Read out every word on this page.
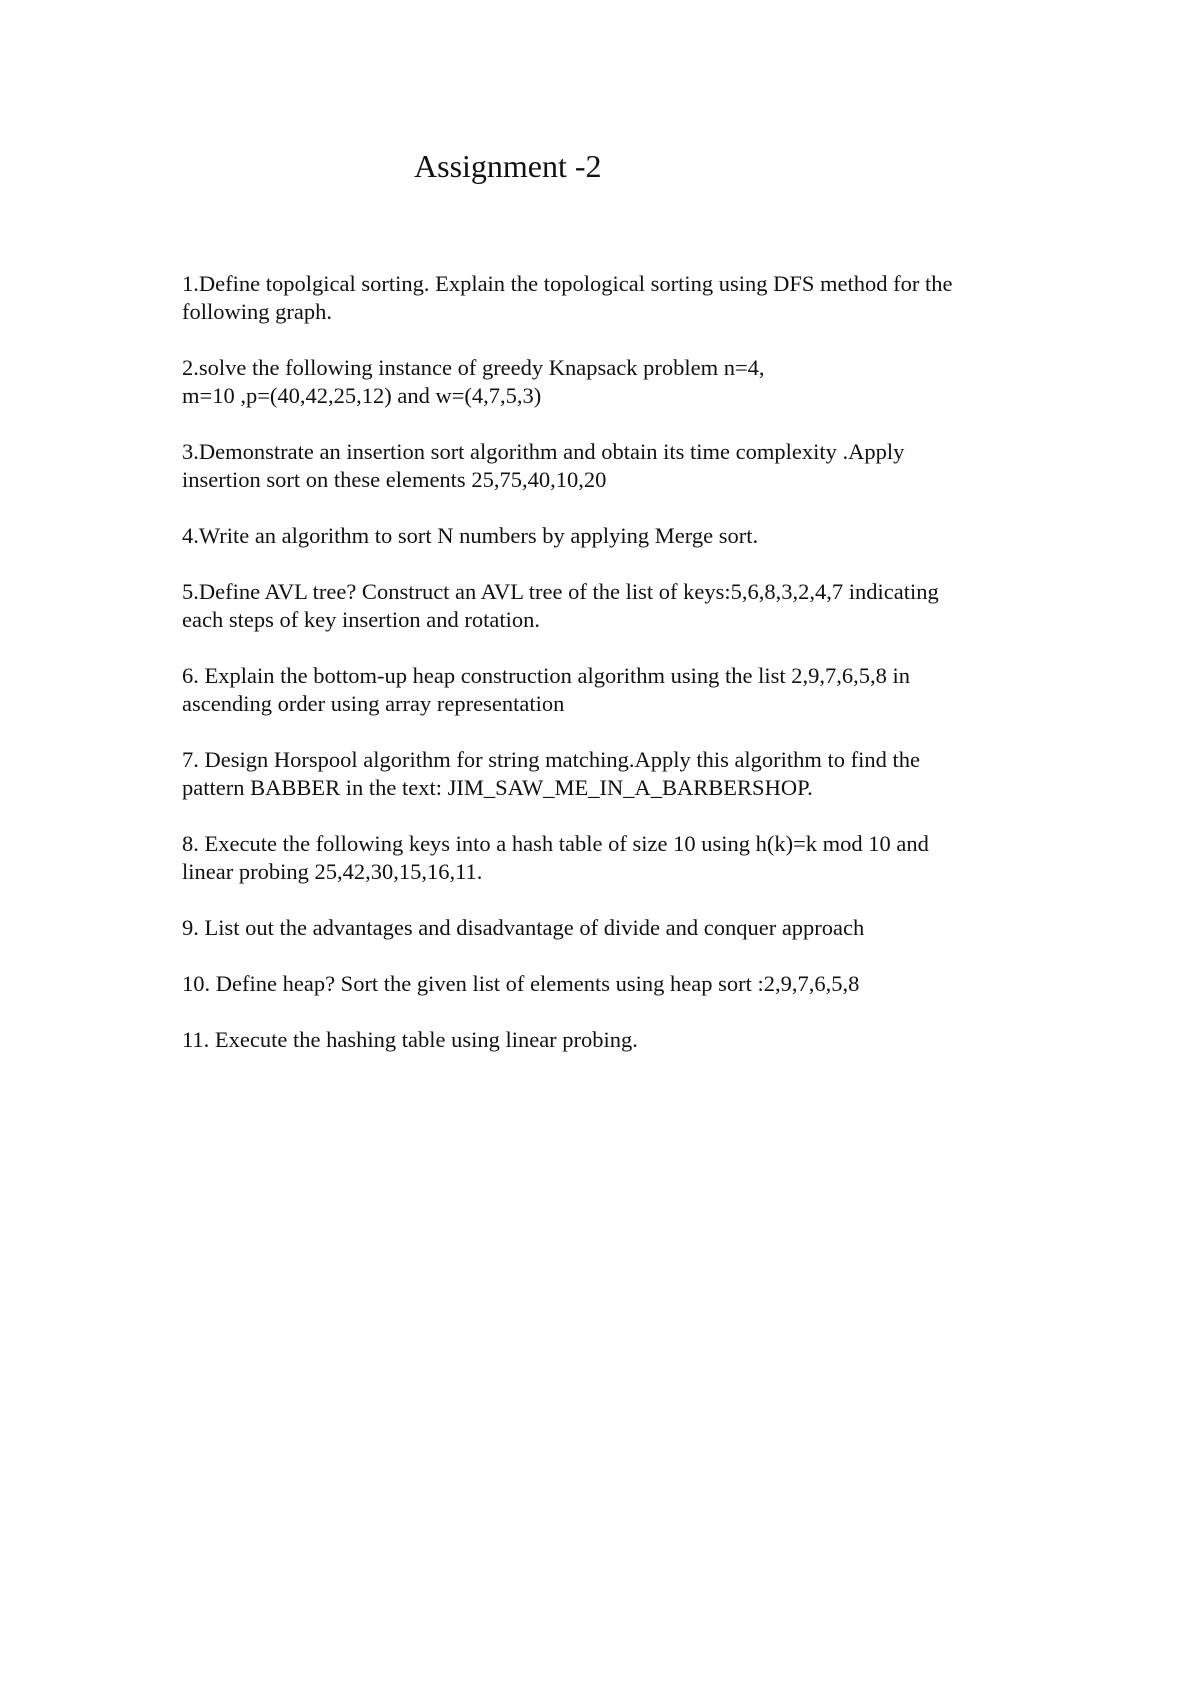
Assignment -2
1.Define topolgical sorting. Explain the topological sorting using DFS method for the
following graph.
2.solve the following instance of greedy Knapsack problem n=4,
m=10 ,p=(40,42,25,12) and w=(4,7,5,3)
3.Demonstrate an insertion sort algorithm and obtain its time complexity .Apply
insertion sort on these elements 25,75,40,10,20
4.Write an algorithm to sort N numbers by applying Merge sort.
5.Define AVL tree? Construct an AVL tree of the list of keys:5,6,8,3,2,4,7 indicating
each steps of key insertion and rotation.
6. Explain the bottom-up heap construction algorithm using the list 2,9,7,6,5,8 in
ascending order using array representation
7. Design Horspool algorithm for string matching.Apply this algorithm to find the
pattern BABBER in the text: JIM_SAW_ME_IN_A_BARBERSHOP.
8. Execute the following keys into a hash table of size 10 using h(k)=k mod 10 and
linear probing 25,42,30,15,16,11.
9. List out the advantages and disadvantage of divide and conquer approach
10. Define heap? Sort the given list of elements using heap sort :2,9,7,6,5,8
11. Execute the hashing table using linear probing.
